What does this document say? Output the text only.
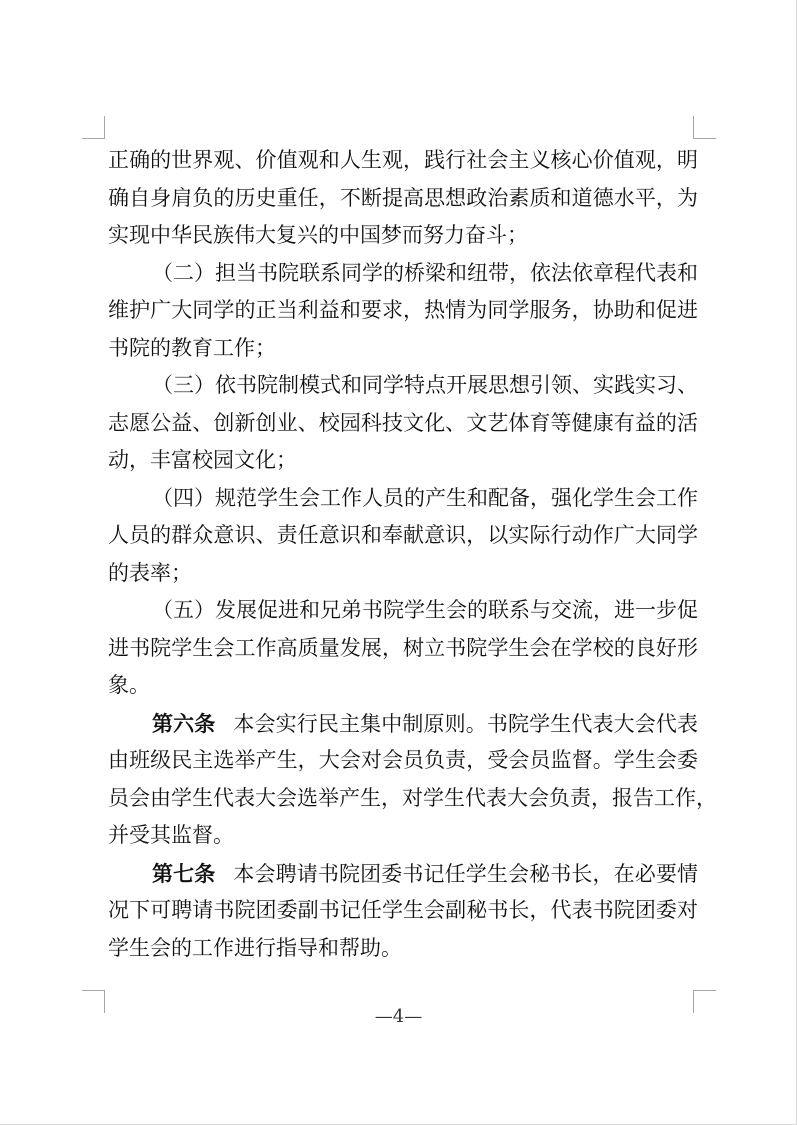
正确的世界观、价值观和人生观，践行社会主义核心价值观，明
确自身肩负的历史重任，不断提高思想政治素质和道德水平，为
实现中华民族伟大复兴的中国梦而努力奋斗；
（二）担当书院联系同学的桥梁和纽带，依法依章程代表和
维护广大同学的正当利益和要求，热情为同学服务，协助和促进
书院的教育工作；
（三）依书院制模式和同学特点开展思想引领、实践实习、
志愿公益、创新创业、校园科技文化、文艺体育等健康有益的活
动，丰富校园文化；
（四）规范学生会工作人员的产生和配备，强化学生会工作
人员的群众意识、责任意识和奉献意识，以实际行动作广大同学
的表率；
（五）发展促进和兄弟书院学生会的联系与交流，进一步促
进书院学生会工作高质量发展，树立书院学生会在学校的良好形
象。
第六条 本会实行民主集中制原则。书院学生代表大会代表
由班级民主选举产生，大会对会员负责，受会员监督。学生会委
员会由学生代表大会选举产生，对学生代表大会负责，报告工作，
并受其监督。
第七条 本会聘请书院团委书记任学生会秘书长，在必要情
况下可聘请书院团委副书记任学生会副秘书长，代表书院团委对
学生会的工作进行指导和帮助。
—4—
